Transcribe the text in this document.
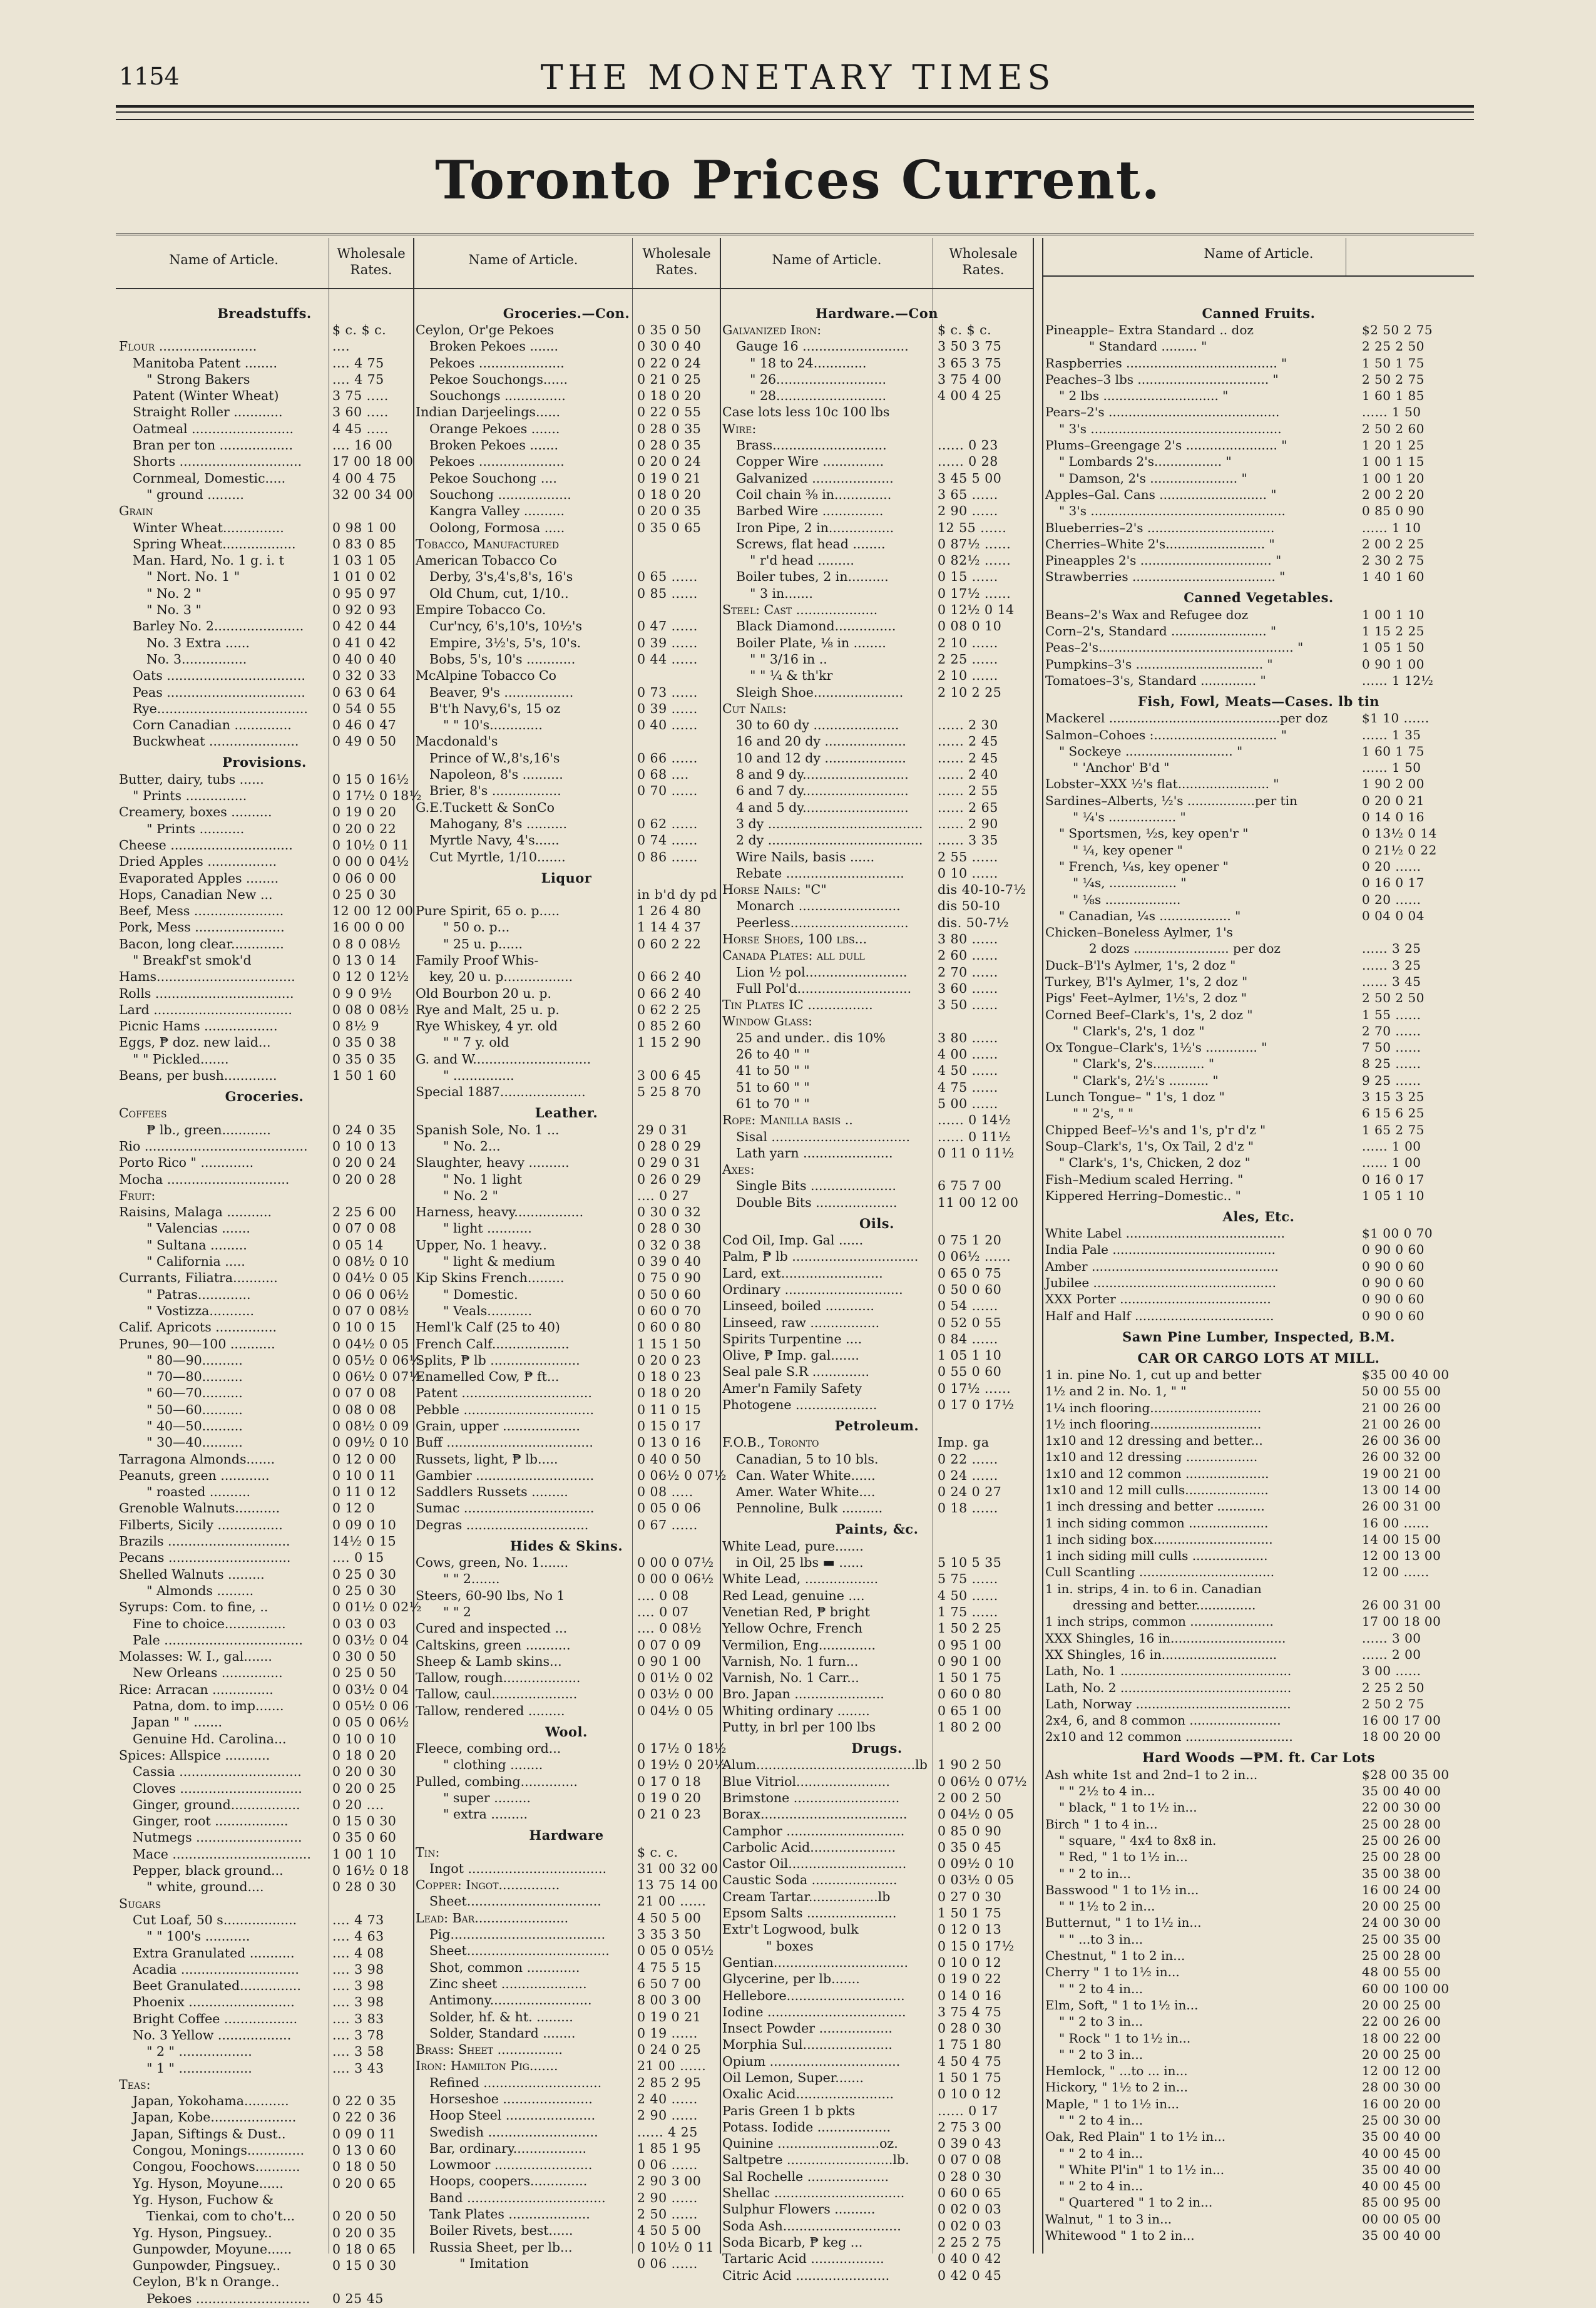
1154	THE MONETARY TIMES
Toronto Prices Current.
Name of Article.	Wholesale Rates.
Name of Article.	Wholesale Rates.
Name of Article.	Wholesale Rates.
Name of Article.
Breadstuffs.
$ c. $ c.
Flour ........................	....
Manitoba Patent ........	.... 4 75
" Strong Bakers	.... 4 75
Patent (Winter Wheat)	3 75 .....
Straight Roller ............	3 60 .....
Oatmeal .........................	4 45 .....
Bran per ton ..................	.... 16 00
Shorts ..............................	17 00 18 00
Cornmeal, Domestic.....	4 00 4 75
" ground .........	32 00 34 00
Grain
Winter Wheat...............	0 98 1 00
Spring Wheat..................	0 83 0 85
Man. Hard, No. 1 g. i. t	1 03 1 05
" Nort. No. 1 "	1 01 0 02
" No. 2 "	0 95 0 97
" No. 3 "	0 92 0 93
Barley No. 2......................	0 42 0 44
No. 3 Extra ......	0 41 0 42
No. 3................	0 40 0 40
Oats ..................................	0 32 0 33
Peas ..................................	0 63 0 64
Rye.....................................	0 54 0 55
Corn Canadian ..............	0 46 0 47
Buckwheat ......................	0 49 0 50
Provisions.
Butter, dairy, tubs ......	0 15 0 16½
" Prints ...............	0 17½ 0 18½
Creamery, boxes ..........	0 19 0 20
" Prints ...........	0 20 0 22
Cheese ..............................	0 10½ 0 11
Dried Apples .................	0 00 0 04½
Evaporated Apples ........	0 06 0 00
Hops, Canadian New ...	0 25 0 30
Beef, Mess ......................	12 00 12 00
Pork, Mess ......................	16 00 0 00
Bacon, long clear.............	0 8 0 08½
" Breakf'st smok'd	0 13 0 14
Hams..................................	0 12 0 12½
Rolls ..................................	0 9 0 9½
Lard ..................................	0 08 0 08½
Picnic Hams ..................	0 8½ 9
Eggs, ₱ doz. new laid...	0 35 0 38
" " Pickled.......	0 35 0 35
Beans, per bush.............	1 50 1 60
Groceries.
Coffees
₱ lb., green............	0 24 0 35
Rio ........................................	0 10 0 13
Porto Rico " .............	0 20 0 24
Mocha ..............................	0 20 0 28
Fruit:
Raisins, Malaga ...........	2 25 6 00
" Valencias .......	0 07 0 08
" Sultana .........	0 05 14
" California .....	0 08½ 0 10
Currants, Filiatra...........	0 04½ 0 05
" Patras.............	0 06 0 06½
" Vostizza...........	0 07 0 08½
Calif. Apricots ...............	0 10 0 15
Prunes, 90—100 ...........	0 04½ 0 05
" 80—90..........	0 05½ 0 06½
" 70—80..........	0 06½ 0 07½
" 60—70..........	0 07 0 08
" 50—60..........	0 08 0 08
" 40—50..........	0 08½ 0 09
" 30—40..........	0 09½ 0 10
Tarragona Almonds.......	0 12 0 00
Peanuts, green ............	0 10 0 11
" roasted ..........	0 11 0 12
Grenoble Walnuts...........	0 12 0
Filberts, Sicily ................	0 09 0 10
Brazils ..............................	14½ 0 15
Pecans ..............................	.... 0 15
Shelled Walnuts .........	0 25 0 30
" Almonds .........	0 25 0 30
Syrups: Com. to fine, ..	0 01½ 0 02½
Fine to choice...............	0 03 0 03
Pale ..................................	0 03½ 0 04
Molasses: W. I., gal.......	0 30 0 50
New Orleans ...............	0 25 0 50
Rice: Arracan ...............	0 03½ 0 04
Patna, dom. to imp.......	0 05½ 0 06
Japan " " .......	0 05 0 06½
Genuine Hd. Carolina...	0 10 0 10
Spices: Allspice ...........	0 18 0 20
Cassia ..............................	0 20 0 30
Cloves ..............................	0 20 0 25
Ginger, ground.................	0 20 ....
Ginger, root ..................	0 15 0 30
Nutmegs ..........................	0 35 0 60
Mace ..................................	1 00 1 10
Pepper, black ground...	0 16½ 0 18
" white, ground....	0 28 0 30
Sugars
Cut Loaf, 50 s..................	.... 4 73
" " 100's ...........	.... 4 63
Extra Granulated ...........	.... 4 08
Acadia .............................	.... 3 98
Beet Granulated...............	.... 3 98
Phoenix ..........................	.... 3 98
Bright Coffee ..................	.... 3 83
No. 3 Yellow ..................	.... 3 78
" 2 " ..................	.... 3 58
" 1 " ..................	.... 3 43
Teas:
Japan, Yokohama...........	0 22 0 35
Japan, Kobe.....................	0 22 0 36
Japan, Siftings & Dust..	0 09 0 11
Congou, Monings..............	0 13 0 60
Congou, Foochows...........	0 18 0 50
Yg. Hyson, Moyune......	0 20 0 65
Yg. Hyson, Fuchow &
Tienkai, com to cho't...	0 20 0 50
Yg. Hyson, Pingsuey..	0 20 0 35
Gunpowder, Moyune......	0 18 0 65
Gunpowder, Pingsuey..	0 15 0 30
Ceylon, B'k n Orange..
Pekoes ............................	0 25 45
Groceries.—Con.
Ceylon, Or'ge Pekoes	0 35 0 50
Broken Pekoes .......	0 30 0 40
Pekoes .....................	0 22 0 24
Pekoe Souchongs......	0 21 0 25
Souchongs ...............	0 18 0 20
Indian Darjeelings......	0 22 0 55
Orange Pekoes .......	0 28 0 35
Broken Pekoes .......	0 28 0 35
Pekoes .....................	0 20 0 24
Pekoe Souchong ....	0 19 0 21
Souchong ..................	0 18 0 20
Kangra Valley ..........	0 20 0 35
Oolong, Formosa .....	0 35 0 65
Tobacco, Manufactured
American Tobacco Co
Derby, 3's,4's,8's, 16's	0 65 ......
Old Chum, cut, 1/10..	0 85 ......
Empire Tobacco Co.
Cur'ncy, 6's,10's, 10½'s	0 47 ......
Empire, 3½'s, 5's, 10's.	0 39 ......
Bobs, 5's, 10's ............	0 44 ......
McAlpine Tobacco Co
Beaver, 9's .................	0 73 ......
B't'h Navy,6's, 15 oz	0 39 ......
" " 10's.............	0 40 ......
Macdonald's
Prince of W.,8's,16's	0 66 ......
Napoleon, 8's ..........	0 68 ....
Brier, 8's .................	0 70 ......
G.E.Tuckett & SonCo
Mahogany, 8's ..........	0 62 ......
Myrtle Navy, 4's......	0 74 ......
Cut Myrtle, 1/10.......	0 86 ......
Liquor
in b'd dy pd
Pure Spirit, 65 o. p.....	1 26 4 80
" 50 o. p...	1 14 4 37
" 25 u. p......	0 60 2 22
Family Proof Whis-
key, 20 u. p.................	0 66 2 40
Old Bourbon 20 u. p.	0 66 2 40
Rye and Malt, 25 u. p.	0 62 2 25
Rye Whiskey, 4 yr. old	0 85 2 60
" " 7 y. old	1 15 2 90
G. and W.............................
" ...............	3 00 6 45
Special 1887.....................	5 25 8 70
Leather.
Spanish Sole, No. 1 ...	29 0 31
" No. 2...	0 28 0 29
Slaughter, heavy ..........	0 29 0 31
" No. 1 light	0 26 0 29
" No. 2 "	.... 0 27
Harness, heavy.................	0 30 0 32
" light ...........	0 28 0 30
Upper, No. 1 heavy..	0 32 0 38
" light & medium	0 39 0 40
Kip Skins French.........	0 75 0 90
" Domestic.	0 50 0 60
" Veals...........	0 60 0 70
Heml'k Calf (25 to 40)	0 60 0 80
French Calf...................	1 15 1 50
Splits, ₱ lb ......................	0 20 0 23
Enamelled Cow, ₱ ft...	0 18 0 23
Patent ................................	0 18 0 20
Pebble ................................	0 11 0 15
Grain, upper ...................	0 15 0 17
Buff ....................................	0 13 0 16
Russets, light, ₱ lb.....	0 40 0 50
Gambier .............................	0 06½ 0 07½
Saddlers Russets .........	0 08 .....
Sumac ................................	0 05 0 06
Degras ..............................	0 67 ......
Hides & Skins.
Cows, green, No. 1.......	0 00 0 07½
" " 2.......	0 00 0 06½
Steers, 60-90 lbs, No 1	.... 0 08
" " 2	.... 0 07
Cured and inspected ...	.... 0 08½
Caltskins, green ...........	0 07 0 09
Sheep & Lamb skins...	0 90 1 00
Tallow, rough...................	0 01½ 0 02
Tallow, caul.....................	0 03½ 0 00
Tallow, rendered .........	0 04½ 0 05
Wool.
Fleece, combing ord...	0 17½ 0 18½
" clothing ........	0 19½ 0 20½
Pulled, combing..............	0 17 0 18
" super .........	0 19 0 20
" extra .........	0 21 0 23
Hardware
Tin:	$ c. c.
Ingot ..................................	31 00 32 00
Copper: Ingot...............	13 75 14 00
Sheet.................................	21 00 ......
Lead: Bar.......................	4 50 5 00
Pig......................................	3 35 3 50
Sheet...................................	0 05 0 05½
Shot, common .............	4 75 5 15
Zinc sheet .....................	6 50 7 00
Antimony.........................	8 00 3 00
Solder, hf. & ht. .........	0 19 0 21
Solder, Standard ........	0 19 ......
Brass: Sheet ................	0 24 0 25
Iron: Hamilton Pig.......	21 00 ......
Refined .............................	2 85 2 95
Horseshoe ......................	2 40 ......
Hoop Steel ......................	2 90 ......
Swedish ...........................	...... 4 25
Bar, ordinary..................	1 85 1 95
Lowmoor ........................	0 06 ......
Hoops, coopers..............	2 90 3 00
Band ..................................	2 90 ......
Tank Plates ....................	2 50 ......
Boiler Rivets, best......	4 50 5 00
Russia Sheet, per lb...	0 10½ 0 11
" Imitation	0 06 ......
Hardware.—Con
Galvanized Iron:	$ c. $ c.
Gauge 16 ..........................	3 50 3 75
" 18 to 24.............	3 65 3 75
" 26...........................	3 75 4 00
" 28...........................	4 00 4 25
Case lots less 10c 100 lbs
Wire:
Brass............................	...... 0 23
Copper Wire ...............	...... 0 28
Galvanized ....................	3 45 5 00
Coil chain ⅜ in..............	3 65 ......
Barbed Wire ...............	2 90 ......
Iron Pipe, 2 in................	12 55 ......
Screws, flat head ........	0 87½ ......
" r'd head .........	0 82½ ......
Boiler tubes, 2 in..........	0 15 ......
" 3 in.......	0 17½ ......
Steel: Cast ....................	0 12½ 0 14
Black Diamond...............	0 08 0 10
Boiler Plate, ⅛ in ........	2 10 ......
" " 3/16 in ..	2 25 ......
" " ¼ & th'kr	2 10 ......
Sleigh Shoe......................	2 10 2 25
Cut Nails:
30 to 60 dy .....................	...... 2 30
16 and 20 dy ....................	...... 2 45
10 and 12 dy ....................	...... 2 45
8 and 9 dy..........................	...... 2 40
6 and 7 dy..........................	...... 2 55
4 and 5 dy..........................	...... 2 65
3 dy ......................................	...... 2 90
2 dy ......................................	...... 3 35
Wire Nails, basis ......	2 55 ......
Rebate .............................	0 10 ......
Horse Nails: "C"	dis 40-10-7½
Monarch .........................	dis 50-10
Peerless.............................	dis. 50-7½
Horse Shoes, 100 lbs...	3 80 ......
Canada Plates: all dull	2 60 ......
Lion ½ pol.........................	2 70 ......
Full Pol'd............................	3 60 ......
Tin Plates IC ................	3 50 ......
Window Glass:
25 and under.. dis 10%	3 80 ......
26 to 40 " "	4 00 ......
41 to 50 " "	4 50 ......
51 to 60 " "	4 75 ......
61 to 70 " "	5 00 ......
Rope: Manilla basis ..	...... 0 14½
Sisal ..................................	...... 0 11½
Lath yarn ......................	0 11 0 11½
Axes:
Single Bits .....................	6 75 7 00
Double Bits ....................	11 00 12 00
Oils.
Cod Oil, Imp. Gal ......	0 75 1 20
Palm, ₱ lb ...............................	0 06½ ......
Lard, ext.........................	0 65 0 75
Ordinary .............................	0 50 0 60
Linseed, boiled ............	0 54 ......
Linseed, raw .................	0 52 0 55
Spirits Turpentine ....	0 84 ......
Olive, ₱ Imp. gal.......	1 05 1 10
Seal pale S.R ..............	0 55 0 60
Amer'n Family Safety	0 17½ ......
Photogene ....................	0 17 0 17½
Petroleum.
F.O.B., Toronto	Imp. ga
Canadian, 5 to 10 bls.	0 22 ......
Can. Water White......	0 24 ......
Amer. Water White....	0 24 0 27
Pennoline, Bulk ..........	0 18 ......
Paints, &c.
White Lead, pure.......
in Oil, 25 lbs ▬ ......	5 10 5 35
White Lead, ..................	5 75 ......
Red Lead, genuine ....	4 50 ......
Venetian Red, ₱ bright	1 75 ......
Yellow Ochre, French	1 50 2 25
Vermilion, Eng..............	0 95 1 00
Varnish, No. 1 furn...	0 90 1 00
Varnish, No. 1 Carr...	1 50 1 75
Bro. Japan ......................	0 60 0 80
Whiting ordinary ........	0 65 1 00
Putty, in brl per 100 lbs	1 80 2 00
Drugs.
Alum.......................................lb 1 90 2 50
Blue Vitriol.......................	0 06½ 0 07½
Brimstone ..........................	2 00 2 50
Borax....................................	0 04½ 0 05
Camphor .............................	0 85 0 90
Carbolic Acid.....................	0 35 0 45
Castor Oil.............................	0 09½ 0 10
Caustic Soda .....................	0 03½ 0 05
Cream Tartar.................lb	0 27 0 30
Epsom Salts ......................	1 50 1 75
Extr't Logwood, bulk	0 12 0 13
" boxes	0 15 0 17½
Gentian.................................	0 10 0 12
Glycerine, per lb.......	0 19 0 22
Hellebore.............................	0 14 0 16
Iodine ..................................	3 75 4 75
Insect Powder ..................	0 28 0 30
Morphia Sul......................	1 75 1 80
Opium ................................	4 50 4 75
Oil Lemon, Super.......	1 50 1 75
Oxalic Acid........................	0 10 0 12
Paris Green 1 b pkts	...... 0 17
Potass. Iodide ..................	2 75 3 00
Quinine .........................oz.	0 39 0 43
Saltpetre ..........................lb.	0 07 0 08
Sal Rochelle ....................	0 28 0 30
Shellac ................................	0 60 0 65
Sulphur Flowers ..........	0 02 0 03
Soda Ash.............................	0 02 0 03
Soda Bicarb, ₱ keg ...	2 25 2 75
Tartaric Acid ..................	0 40 0 42
Citric Acid .......................	0 42 0 45
Canned Fruits.
Pineapple– Extra Standard .. doz	$2 50 2 75
" Standard ......... "	2 25 2 50
Raspberries ...................................... "	1 50 1 75
Peaches–3 lbs ................................. "	2 50 2 75
" 2 lbs ............................. "	1 60 1 85
Pears–2's ...........................................	...... 1 50
" 3's ................................................	2 50 2 60
Plums–Greengage 2's ....................... "	1 20 1 25
" Lombards 2's................. "	1 00 1 15
" Damson, 2's ...................... "	1 00 1 20
Apples–Gal. Cans ........................... "	2 00 2 20
" 3's .................................................	0 85 0 90
Blueberries–2's ................................	...... 1 10
Cherries–White 2's......................... "	2 00 2 25
Pineapples 2's ................................. "	2 30 2 75
Strawberries .................................... "	1 40 1 60
Canned Vegetables.
Beans–2's Wax and Refugee doz	1 00 1 10
Corn–2's, Standard ........................ "	1 15 2 25
Peas–2's................................................. "	1 05 1 50
Pumpkins–3's ................................ "	0 90 1 00
Tomatoes–3's, Standard .............. "	...... 1 12½
Fish, Fowl, Meats—Cases. lb tin
Mackerel ...........................................per doz	$1 10 ......
Salmon–Cohoes :............................... "	...... 1 35
" Sockeye ........................... "	1 60 1 75
" 'Anchor' B'd "	...... 1 50
Lobster–XXX ½'s flat....................... "	1 90 2 00
Sardines–Alberts, ½'s .................per tin	0 20 0 21
" ¼'s ................. "	0 14 0 16
" Sportsmen, ½s, key open'r "	0 13½ 0 14
" ¼, key opener "	0 21½ 0 22
" French, ¼s, key opener "	0 20 ......
" ¼s, ................. "	0 16 0 17
" ⅛s ...................	0 20 ......
" Canadian, ¼s .................. "	0 04 0 04
Chicken–Boneless Aylmer, 1's
2 dozs ........................ per doz	...... 3 25
Duck–B'l's Aylmer, 1's, 2 doz "	...... 3 25
Turkey, B'l's Aylmer, 1's, 2 doz "	...... 3 45
Pigs' Feet–Aylmer, 1½'s, 2 doz "	2 50 2 50
Corned Beef–Clark's, 1's, 2 doz "	1 55 ......
" Clark's, 2's, 1 doz "	2 70 ......
Ox Tongue–Clark's, 1½'s ............. "	7 50 ......
" Clark's, 2's............. "	8 25 ......
" Clark's, 2½'s .......... "	9 25 ......
Lunch Tongue– " 1's, 1 doz "	3 15 3 25
" " 2's, " "	6 15 6 25
Chipped Beef–½'s and 1's, p'r d'z "	1 65 2 75
Soup–Clark's, 1's, Ox Tail, 2 d'z "	...... 1 00
" Clark's, 1's, Chicken, 2 doz "	...... 1 00
Fish–Medium scaled Herring. "	0 16 0 17
Kippered Herring–Domestic.. "	1 05 1 10
Ales, Etc.
White Label ........................................	$1 00 0 70
India Pale .........................................	0 90 0 60
Amber ...............................................	0 90 0 60
Jubilee ..............................................	0 90 0 60
XXX Porter ......................................	0 90 0 60
Half and Half ...................................	0 90 0 60
Sawn Pine Lumber, Inspected, B.M.
CAR OR CARGO LOTS AT MILL.
1 in. pine No. 1, cut up and better	$35 00 40 00
1½ and 2 in. No. 1, " "	50 00 55 00
1¼ inch flooring............................	21 00 26 00
1½ inch flooring............................	21 00 26 00
1x10 and 12 dressing and better...	26 00 36 00
1x10 and 12 dressing ..................	26 00 32 00
1x10 and 12 common .....................	19 00 21 00
1x10 and 12 mill culls.....................	13 00 14 00
1 inch dressing and better ............	26 00 31 00
1 inch siding common ....................	16 00 ......
1 inch siding box..............................	14 00 15 00
1 inch siding mill culls ...................	12 00 13 00
Cull Scantling ..................................	12 00 ......
1 in. strips, 4 in. to 6 in. Canadian
dressing and better...............	26 00 31 00
1 inch strips, common .....................	17 00 18 00
XXX Shingles, 16 in.............................	...... 3 00
XX Shingles, 16 in.............................	...... 2 00
Lath, No. 1 ...........................................	3 00 ......
Lath, No. 2 ...........................................	2 25 2 50
Lath, Norway .......................................	2 50 2 75
2x4, 6, and 8 common .......................	16 00 17 00
2x10 and 12 common ...........................	18 00 20 00
Hard Woods —₱M. ft. Car Lots
Ash white 1st and 2nd–1 to 2 in...	$28 00 35 00
" " 2½ to 4 in...	35 00 40 00
" black, " 1 to 1½ in...	22 00 30 00
Birch " 1 to 4 in...	25 00 28 00
" square, " 4x4 to 8x8 in.	25 00 26 00
" Red, " 1 to 1½ in...	25 00 28 00
" " 2 to in...	35 00 38 00
Basswood " 1 to 1½ in...	16 00 24 00
" " 1½ to 2 in...	20 00 25 00
Butternut, " 1 to 1½ in...	24 00 30 00
" " ...to 3 in...	25 00 35 00
Chestnut, " 1 to 2 in...	25 00 28 00
Cherry " 1 to 1½ in...	48 00 55 00
" " 2 to 4 in...	60 00 100 00
Elm, Soft, " 1 to 1½ in...	20 00 25 00
" " 2 to 3 in...	22 00 26 00
" Rock " 1 to 1½ in...	18 00 22 00
" " 2 to 3 in...	20 00 25 00
Hemlock, " ...to ... in...	12 00 12 00
Hickory, " 1½ to 2 in...	28 00 30 00
Maple, " 1 to 1½ in...	16 00 20 00
" " 2 to 4 in...	25 00 30 00
Oak, Red Plain" 1 to 1½ in...	35 00 40 00
" " 2 to 4 in...	40 00 45 00
" White Pl'in" 1 to 1½ in...	35 00 40 00
" " 2 to 4 in...	40 00 45 00
" Quartered " 1 to 2 in...	85 00 95 00
Walnut, " 1 to 3 in...	00 00 05 00
Whitewood " 1 to 2 in...	35 00 40 00
